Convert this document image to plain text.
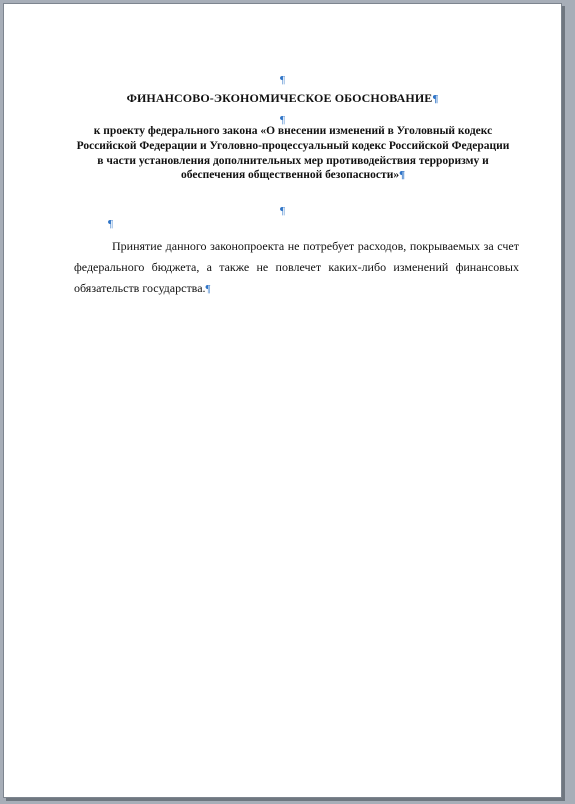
¶
ФИНАНСОВО-ЭКОНОМИЧЕСКОЕ ОБОСНОВАНИЕ¶
¶
к проекту федерального закона «О внесении изменений в Уголовный кодекс Российской Федерации и Уголовно-процессуальный кодекс Российской Федерации в части установления дополнительных мер противодействия терроризму и обеспечения общественной безопасности»¶
¶
¶
Принятие данного законопроекта не потребует расходов, покрываемых за счет федерального бюджета, а также не повлечет каких-либо изменений финансовых обязательств государства.¶
